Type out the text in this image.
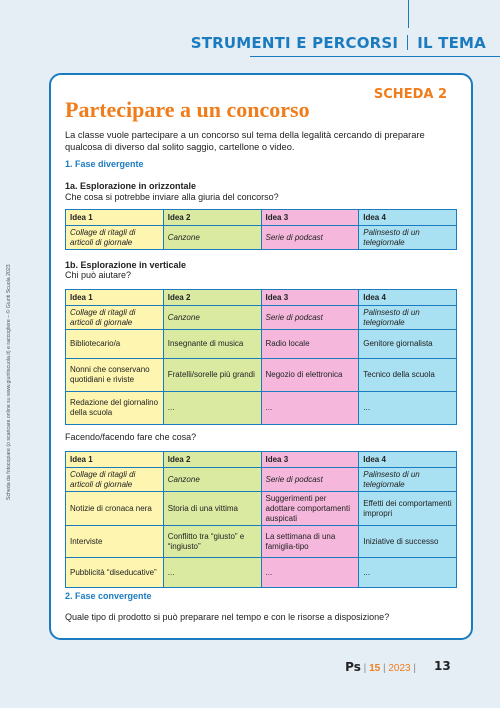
STRUMENTI E PERCORSI IL TEMA
SCHEDA 2
Partecipare a un concorso

La classe vuole partecipare a un concorso sul tema della legalità cercando di preparare qualcosa di diverso dal solito saggio, cartellone o video.

1. Fase divergente

1a. Esplorazione in orizzontale

Che cosa si potrebbe inviare alla giuria del concorso?

Idea 1	Idea 2	Idea 3	Idea 4
Collage di ritagli di articoli di giornale	Canzone	Serie di podcast	Palinsesto di un telegiornale

1b. Esplorazione in verticale

Chi può aiutare?

Idea 1	Idea 2	Idea 3	Idea 4
Collage di ritagli di articoli di giornale	Canzone	Serie di podcast	Palinsesto di un telegiornale
Bibliotecario/a	Insegnante di musica	Radio locale	Genitore giornalista
Nonni che conservano quotidiani e riviste	Fratelli/sorelle più grandi	Negozio di elettronica	Tecnico della scuola
Redazione del giornalino della scuola	...	...	...

Facendo/facendo fare che cosa?

Idea 1	Idea 2	Idea 3	Idea 4
Collage di ritagli di articoli di giornale	Canzone	Serie di podcast	Palinsesto di un telegiornale
Notizie di cronaca nera	Storia di una vittima	Suggerimenti per adottare comportamenti auspicati	Effetti dei comportamenti impropri
Interviste	Conflitto tra “giusto” e “ingiusto”	La settimana di una famiglia-tipo	Iniziative di successo
Pubblicità “diseducative”	...	...	...

2. Fase convergente

Quale tipo di prodotto si può preparare nel tempo e con le risorse a disposizione?

Scheda da fotocopiare (o scaricare online su www.giuntiscuola.it) e raccogliere – © Giunti Scuola 2023
Ps | 15 | 2023 | 13
